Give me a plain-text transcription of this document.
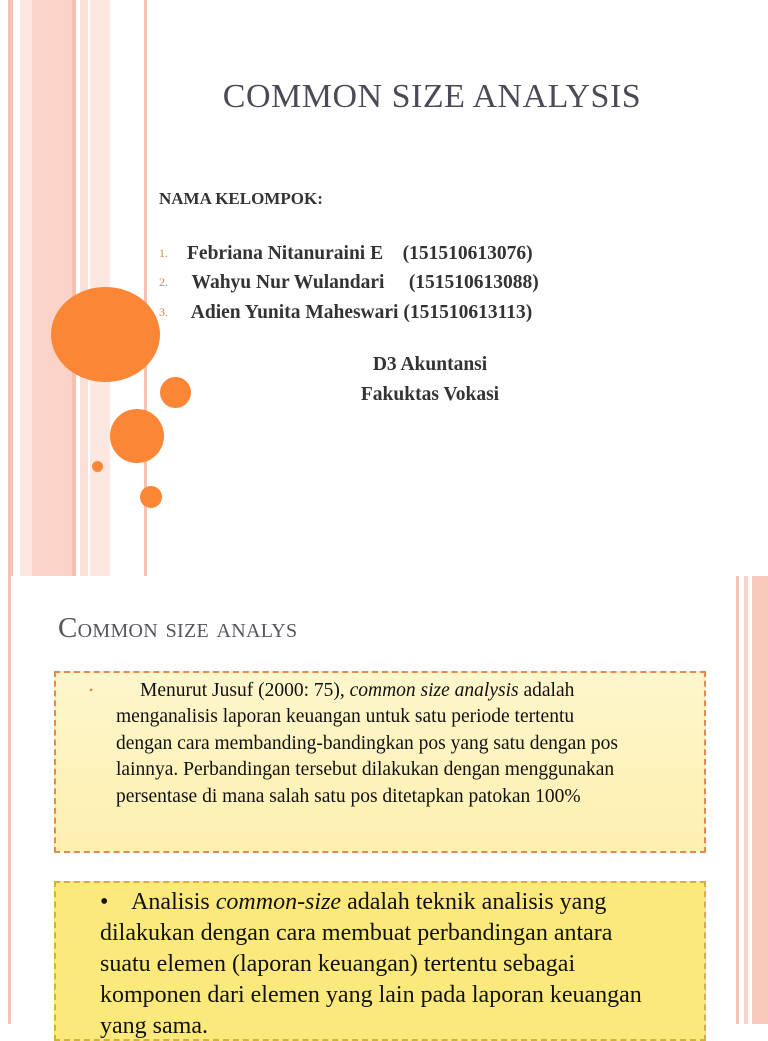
COMMON SIZE ANALYSIS
NAMA KELOMPOK:
1. Febriana Nitanuraini E    (151510613076)
2. Wahyu Nur Wulandari     (151510613088)
3. Adien Yunita Maheswari (151510613113)
D3 Akuntansi
Fakuktas Vokasi
Common size analys
• Menurut Jusuf (2000: 75), common size analysis adalah
menganalisis laporan keuangan untuk satu periode tertentu
dengan cara membanding-bandingkan pos yang satu dengan pos
lainnya. Perbandingan tersebut dilakukan dengan menggunakan
persentase di mana salah satu pos ditetapkan patokan 100%
•    Analisis common-size adalah teknik analisis yang
dilakukan dengan cara membuat perbandingan antara
suatu elemen (laporan keuangan) tertentu sebagai
komponen dari elemen yang lain pada laporan keuangan
yang sama.
